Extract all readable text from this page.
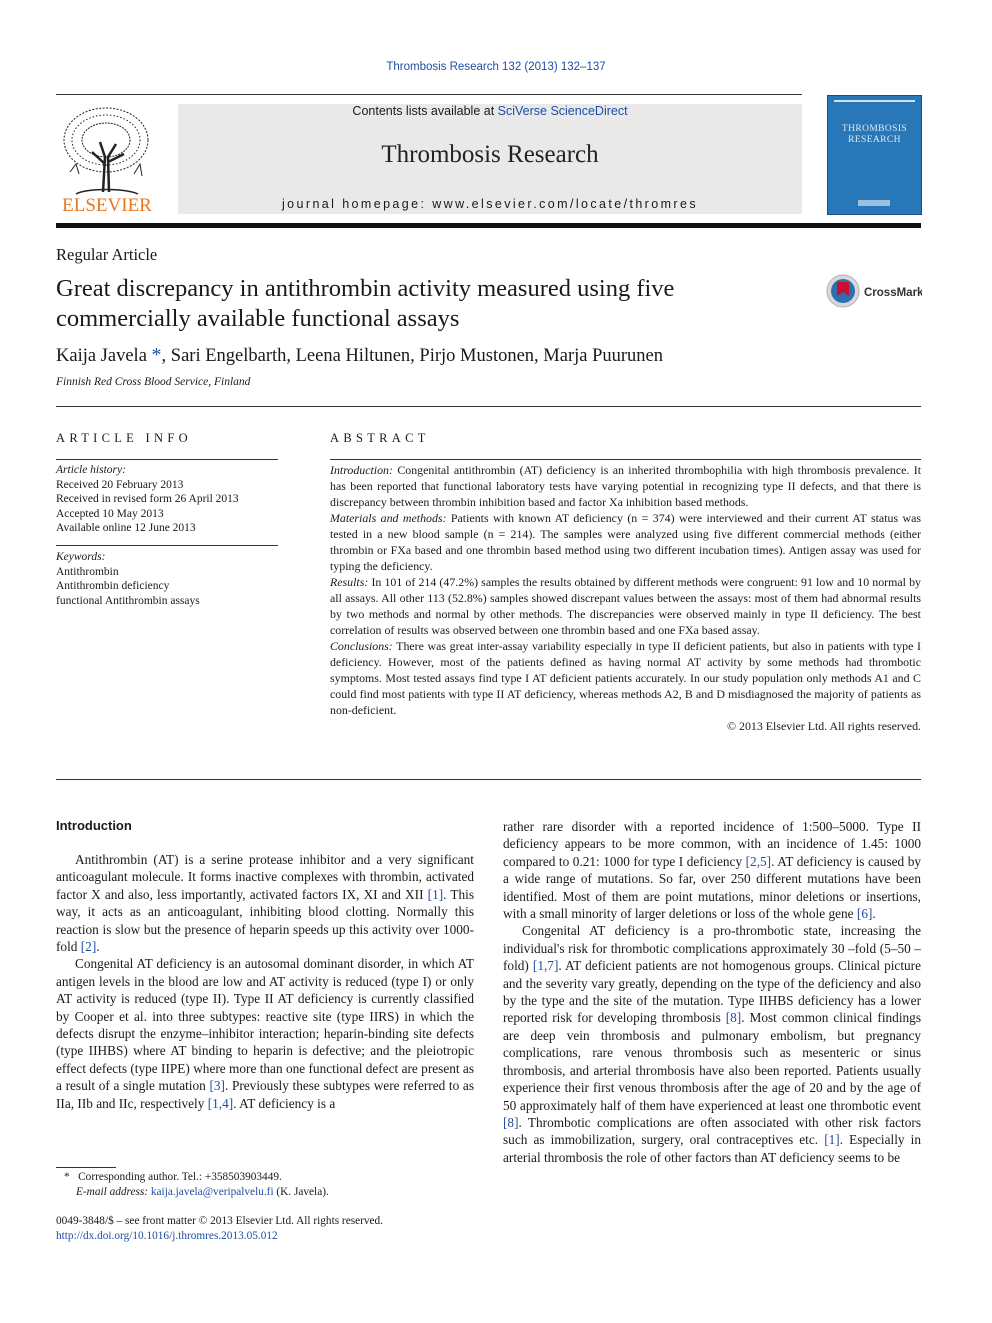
Thrombosis Research 132 (2013) 132–137
ELSEVIER
Contents lists available at SciVerse ScienceDirect
Thrombosis Research
journal homepage: www.elsevier.com/locate/thromres
THROMBOSIS RESEARCH
Regular Article
Great discrepancy in antithrombin activity measured using five commercially available functional assays
CrossMark
Kaija Javela *, Sari Engelbarth, Leena Hiltunen, Pirjo Mustonen, Marja Puurunen
Finnish Red Cross Blood Service, Finland
ARTICLE INFO
Article history:
Received 20 February 2013
Received in revised form 26 April 2013
Accepted 10 May 2013
Available online 12 June 2013
Keywords:
Antithrombin
Antithrombin deficiency
functional Antithrombin assays
ABSTRACT

Introduction: Congenital antithrombin (AT) deficiency is an inherited thrombophilia with high thrombosis prevalence. It has been reported that functional laboratory tests have varying potential in recognizing type II defects, and that there is discrepancy between thrombin inhibition based and factor Xa inhibition based methods.

Materials and methods: Patients with known AT deficiency (n = 374) were interviewed and their current AT status was tested in a new blood sample (n = 214). The samples were analyzed using five different commercial methods (either thrombin or FXa based and one thrombin based method using two different incubation times). Antigen assay was used for typing the deficiency.

Results: In 101 of 214 (47.2%) samples the results obtained by different methods were congruent: 91 low and 10 normal by all assays. All other 113 (52.8%) samples showed discrepant values between the assays: most of them had abnormal results by two methods and normal by other methods. The discrepancies were observed mainly in type II deficiency. The best correlation of results was observed between one thrombin based and one FXa based assay.

Conclusions: There was great inter-assay variability especially in type II deficient patients, but also in patients with type I deficiency. However, most of the patients defined as having normal AT activity by some methods had thrombotic symptoms. Most tested assays find type I AT deficient patients accurately. In our study population only methods A1 and C could find most patients with type II AT deficiency, whereas methods A2, B and D misdiagnosed the majority of patients as non-deficient.

© 2013 Elsevier Ltd. All rights reserved.

Introduction

Antithrombin (AT) is a serine protease inhibitor and a very significant anticoagulant molecule. It forms inactive complexes with thrombin, activated factor X and also, less importantly, activated factors IX, XI and XII [1]. This way, it acts as an anticoagulant, inhibiting blood clotting. Normally this reaction is slow but the presence of heparin speeds up this activity over 1000-fold [2].

Congenital AT deficiency is an autosomal dominant disorder, in which AT antigen levels in the blood are low and AT activity is reduced (type I) or only AT activity is reduced (type II). Type II AT deficiency is currently classified by Cooper et al. into three subtypes: reactive site (type IIRS) in which the defects disrupt the enzyme–inhibitor interaction; heparin-binding site defects (type IIHBS) where AT binding to heparin is defective; and the pleiotropic effect defects (type IIPE) where more than one functional defect are present as a result of a single mutation [3]. Previously these subtypes were referred to as IIa, IIb and IIc, respectively [1,4]. AT deficiency is a

rather rare disorder with a reported incidence of 1:500–5000. Type II deficiency appears to be more common, with an incidence of 1.45: 1000 compared to 0.21: 1000 for type I deficiency [2,5]. AT deficiency is caused by a wide range of mutations. So far, over 250 different mutations have been identified. Most of them are point mutations, minor deletions or insertions, with a small minority of larger deletions or loss of the whole gene [6].

Congenital AT deficiency is a pro-thrombotic state, increasing the individual's risk for thrombotic complications approximately 30 –fold (5–50 –fold) [1,7]. AT deficient patients are not homogenous groups. Clinical picture and the severity vary greatly, depending on the type of the deficiency and also by the type and the site of the mutation. Type IIHBS deficiency has a lower reported risk for developing thrombosis [8]. Most common clinical findings are deep vein thrombosis and pulmonary embolism, but pregnancy complications, rare venous thrombosis such as mesenteric or sinus thrombosis, and arterial thrombosis have also been reported. Patients usually experience their first venous thrombosis after the age of 20 and by the age of 50 approximately half of them have experienced at least one thrombotic event [8]. Thrombotic complications are often associated with other risk factors such as immobilization, surgery, oral contraceptives etc. [1]. Especially in arterial thrombosis the role of other factors than AT deficiency seems to be

* Corresponding author. Tel.: +358503903449.
E-mail address: kaija.javela@veripalvelu.fi (K. Javela).
0049-3848/$ – see front matter © 2013 Elsevier Ltd. All rights reserved.
http://dx.doi.org/10.1016/j.thromres.2013.05.012
